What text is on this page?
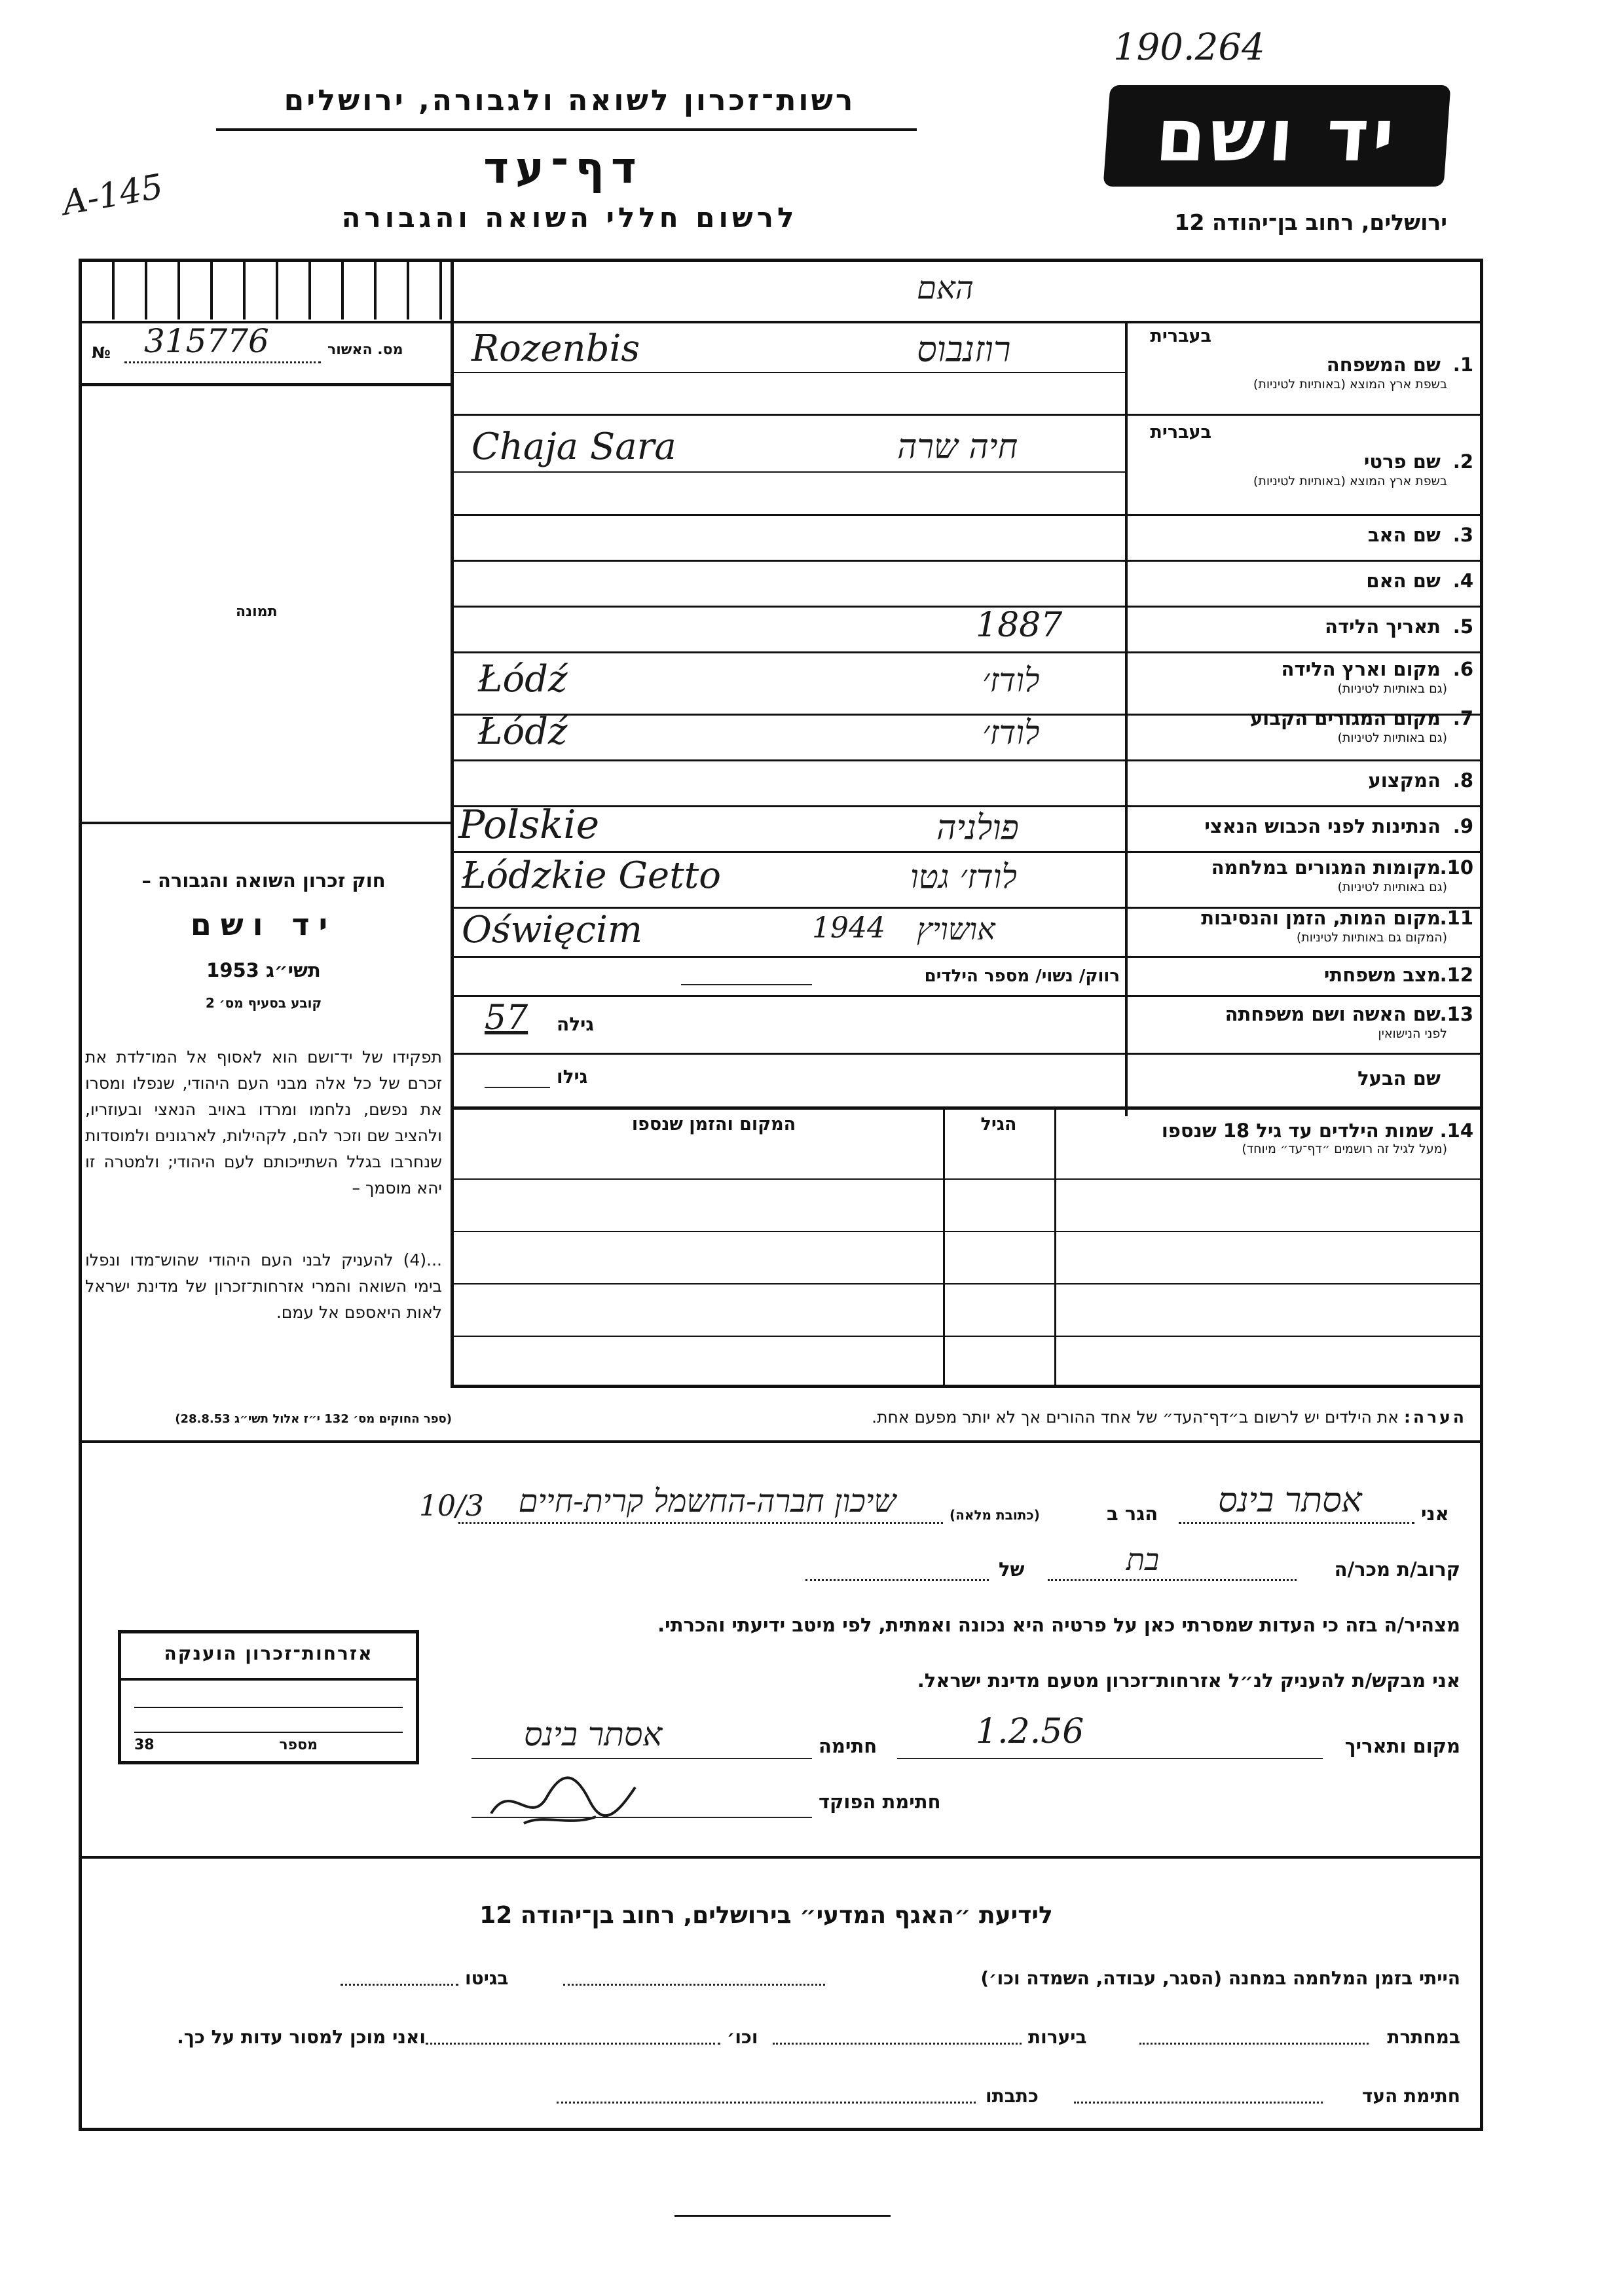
רשות־זכרון לשואה ולגבורה, ירושלים
דף־עד
לרשום חללי השואה והגבורה
190.264
A-145
יד ושם
ירושלים, רחוב בן־יהודה 12
מס. האשור
№ 315776
תמונה
חוק זכרון השואה והגבורה –
יד ושם
תשי״ג 1953
קובע בסעיף מס׳ 2
תפקידו של יד־ושם הוא לאסוף אל המו־לדת את זכרם של כל אלה מבני העם היהודי, שנפלו ומסרו את נפשם, נלחמו ומרדו באויב הנאצי ובעוזריו, ולהציב שם וזכר להם, לקהילות, לארגונים ולמוסדות שנחרבו בגלל השתייכותם לעם היהודי; ולמטרה זו יהא מוסמך –
...(4) להעניק לבני העם היהודי שהוש־מדו ונפלו בימי השואה והמרי אזרחות־זכרון של מדינת ישראל לאות היאספם אל עמם.
(ספר החוקים מס׳ 132 י״ז אלול תשי״ג 28.8.53)
האם
בעברית
1. שם המשפחה
בשפת ארץ המוצא (באותיות לטיניות)
בעברית
2. שם פרטי
בשפת ארץ המוצא (באותיות לטיניות)
3. שם האב
4. שם האם
5. תאריך הלידה
6. מקום וארץ הלידה
(גם באותיות לטיניות)
7. מקום המגורים הקבוע
(גם באותיות לטיניות)
8. המקצוע
9. הנתינות לפני הכבוש הנאצי
10. מקומות המגורים במלחמה
(גם באותיות לטיניות)
11. מקום המות, הזמן והנסיבות
(המקום גם באותיות לטיניות)
12. מצב משפחתי
13. שם האשה ושם משפחתה
לפני הנישואין
שם הבעל
רוזנבוס
Rozenbis
חיה שרה
Chaja Sara
1887
לודז׳
Łódź
לודז׳
Łódź
פולניה
Polskie
לודז׳ גטו
Łódzkie Getto
אושויץ
1944
Oświęcim
רווק/ נשוי/ מספר הילדים
גילה
57
גילו
14. שמות הילדים עד גיל 18 שנספו
(מעל לגיל זה רושמים ״דף־עד״ מיוחד)
הגיל
המקום והזמן שנספו
הערה: את הילדים יש לרשום ב״דף־העד״ של אחד ההורים אך לא יותר מפעם אחת.
אני
אסתר בינס
הגר ב
(כתובת מלאה)
שיכון חברה-החשמל קרית-חיים
10/3
קרוב/ת מכר/ה
בת
של
מצהיר/ה בזה כי העדות שמסרתי כאן על פרטיה היא נכונה ואמתית, לפי מיטב ידיעתי והכרתי.
אני מבקש/ת להעניק לנ״ל אזרחות־זכרון מטעם מדינת ישראל.
מקום ותאריך
1.2.56
חתימה
אסתר בינס
חתימת הפוקד
אזרחות־זכרון הוענקה
מספר
38
לידיעת ״האגף המדעי״ בירושלים, רחוב בן־יהודה 12
הייתי בזמן המלחמה במחנה (הסגר, עבודה, השמדה וכו׳)
בגיטו
במחתרת
ביערות
וכו׳
ואני מוכן למסור עדות על כך.
חתימת העד
כתבתו
